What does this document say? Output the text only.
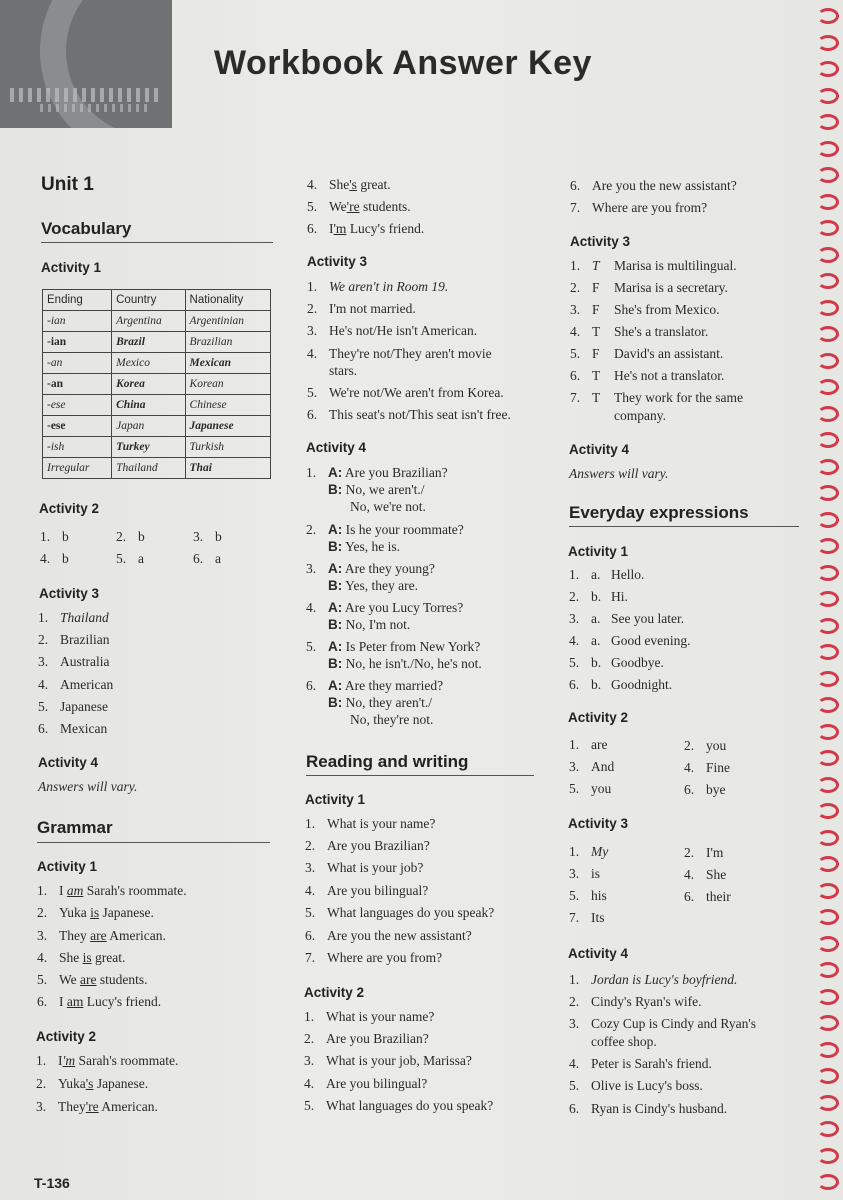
Workbook Answer Key
Unit 1
Vocabulary
Activity 1
Ending	Country	Nationality
-ian	Argentina	Argentinian
-ian	Brazil	Brazilian
-an	Mexico	Mexican
-an	Korea	Korean
-ese	China	Chinese
-ese	Japan	Japanese
-ish	Turkey	Turkish
Irregular	Thailand	Thai
Activity 2
1. b	2. b	3. b
4. b	5. a	6. a
Activity 3
1. Thailand
2. Brazilian
3. Australia
4. American
5. Japanese
6. Mexican
Activity 4
Answers will vary.
Grammar
Activity 1
1. I am Sarah's roommate.
2. Yuka is Japanese.
3. They are American.
4. She is great.
5. We are students.
6. I am Lucy's friend.
Activity 2
1. I'm Sarah's roommate.
2. Yuka's Japanese.
3. They're American.
4. She's great.
5. We're students.
6. I'm Lucy's friend.
Activity 3
1. We aren't in Room 19.
2. I'm not married.
3. He's not/He isn't American.
4. They're not/They aren't movie
stars.
5. We're not/We aren't from Korea.
6. This seat's not/This seat isn't free.
Activity 4
1. A: Are you Brazilian?
B: No, we aren't./
No, we're not.
2. A: Is he your roommate?
B: Yes, he is.
3. A: Are they young?
B: Yes, they are.
4. A: Are you Lucy Torres?
B: No, I'm not.
5. A: Is Peter from New York?
B: No, he isn't./No, he's not.
6. A: Are they married?
B: No, they aren't./
No, they're not.
Reading and writing
Activity 1
1. What is your name?
2. Are you Brazilian?
3. What is your job?
4. Are you bilingual?
5. What languages do you speak?
6. Are you the new assistant?
7. Where are you from?
Activity 2
1. What is your name?
2. Are you Brazilian?
3. What is your job, Marissa?
4. Are you bilingual?
5. What languages do you speak?
6. Are you the new assistant?
7. Where are you from?
Activity 3
1. T Marisa is multilingual.
2. F Marisa is a secretary.
3. F She's from Mexico.
4. T She's a translator.
5. F David's an assistant.
6. T He's not a translator.
7. T They work for the same
company.
Activity 4
Answers will vary.
Everyday expressions
Activity 1
1. a. Hello.
2. b. Hi.
3. a. See you later.
4. a. Good evening.
5. b. Goodbye.
6. b. Goodnight.
Activity 2
1. are	2. you
3. And	4. Fine
5. you	6. bye
Activity 3
1. My	2. I'm
3. is	4. She
5. his	6. their
7. Its
Activity 4
1. Jordan is Lucy's boyfriend.
2. Cindy's Ryan's wife.
3. Cozy Cup is Cindy and Ryan's
coffee shop.
4. Peter is Sarah's friend.
5. Olive is Lucy's boss.
6. Ryan is Cindy's husband.
T-136
